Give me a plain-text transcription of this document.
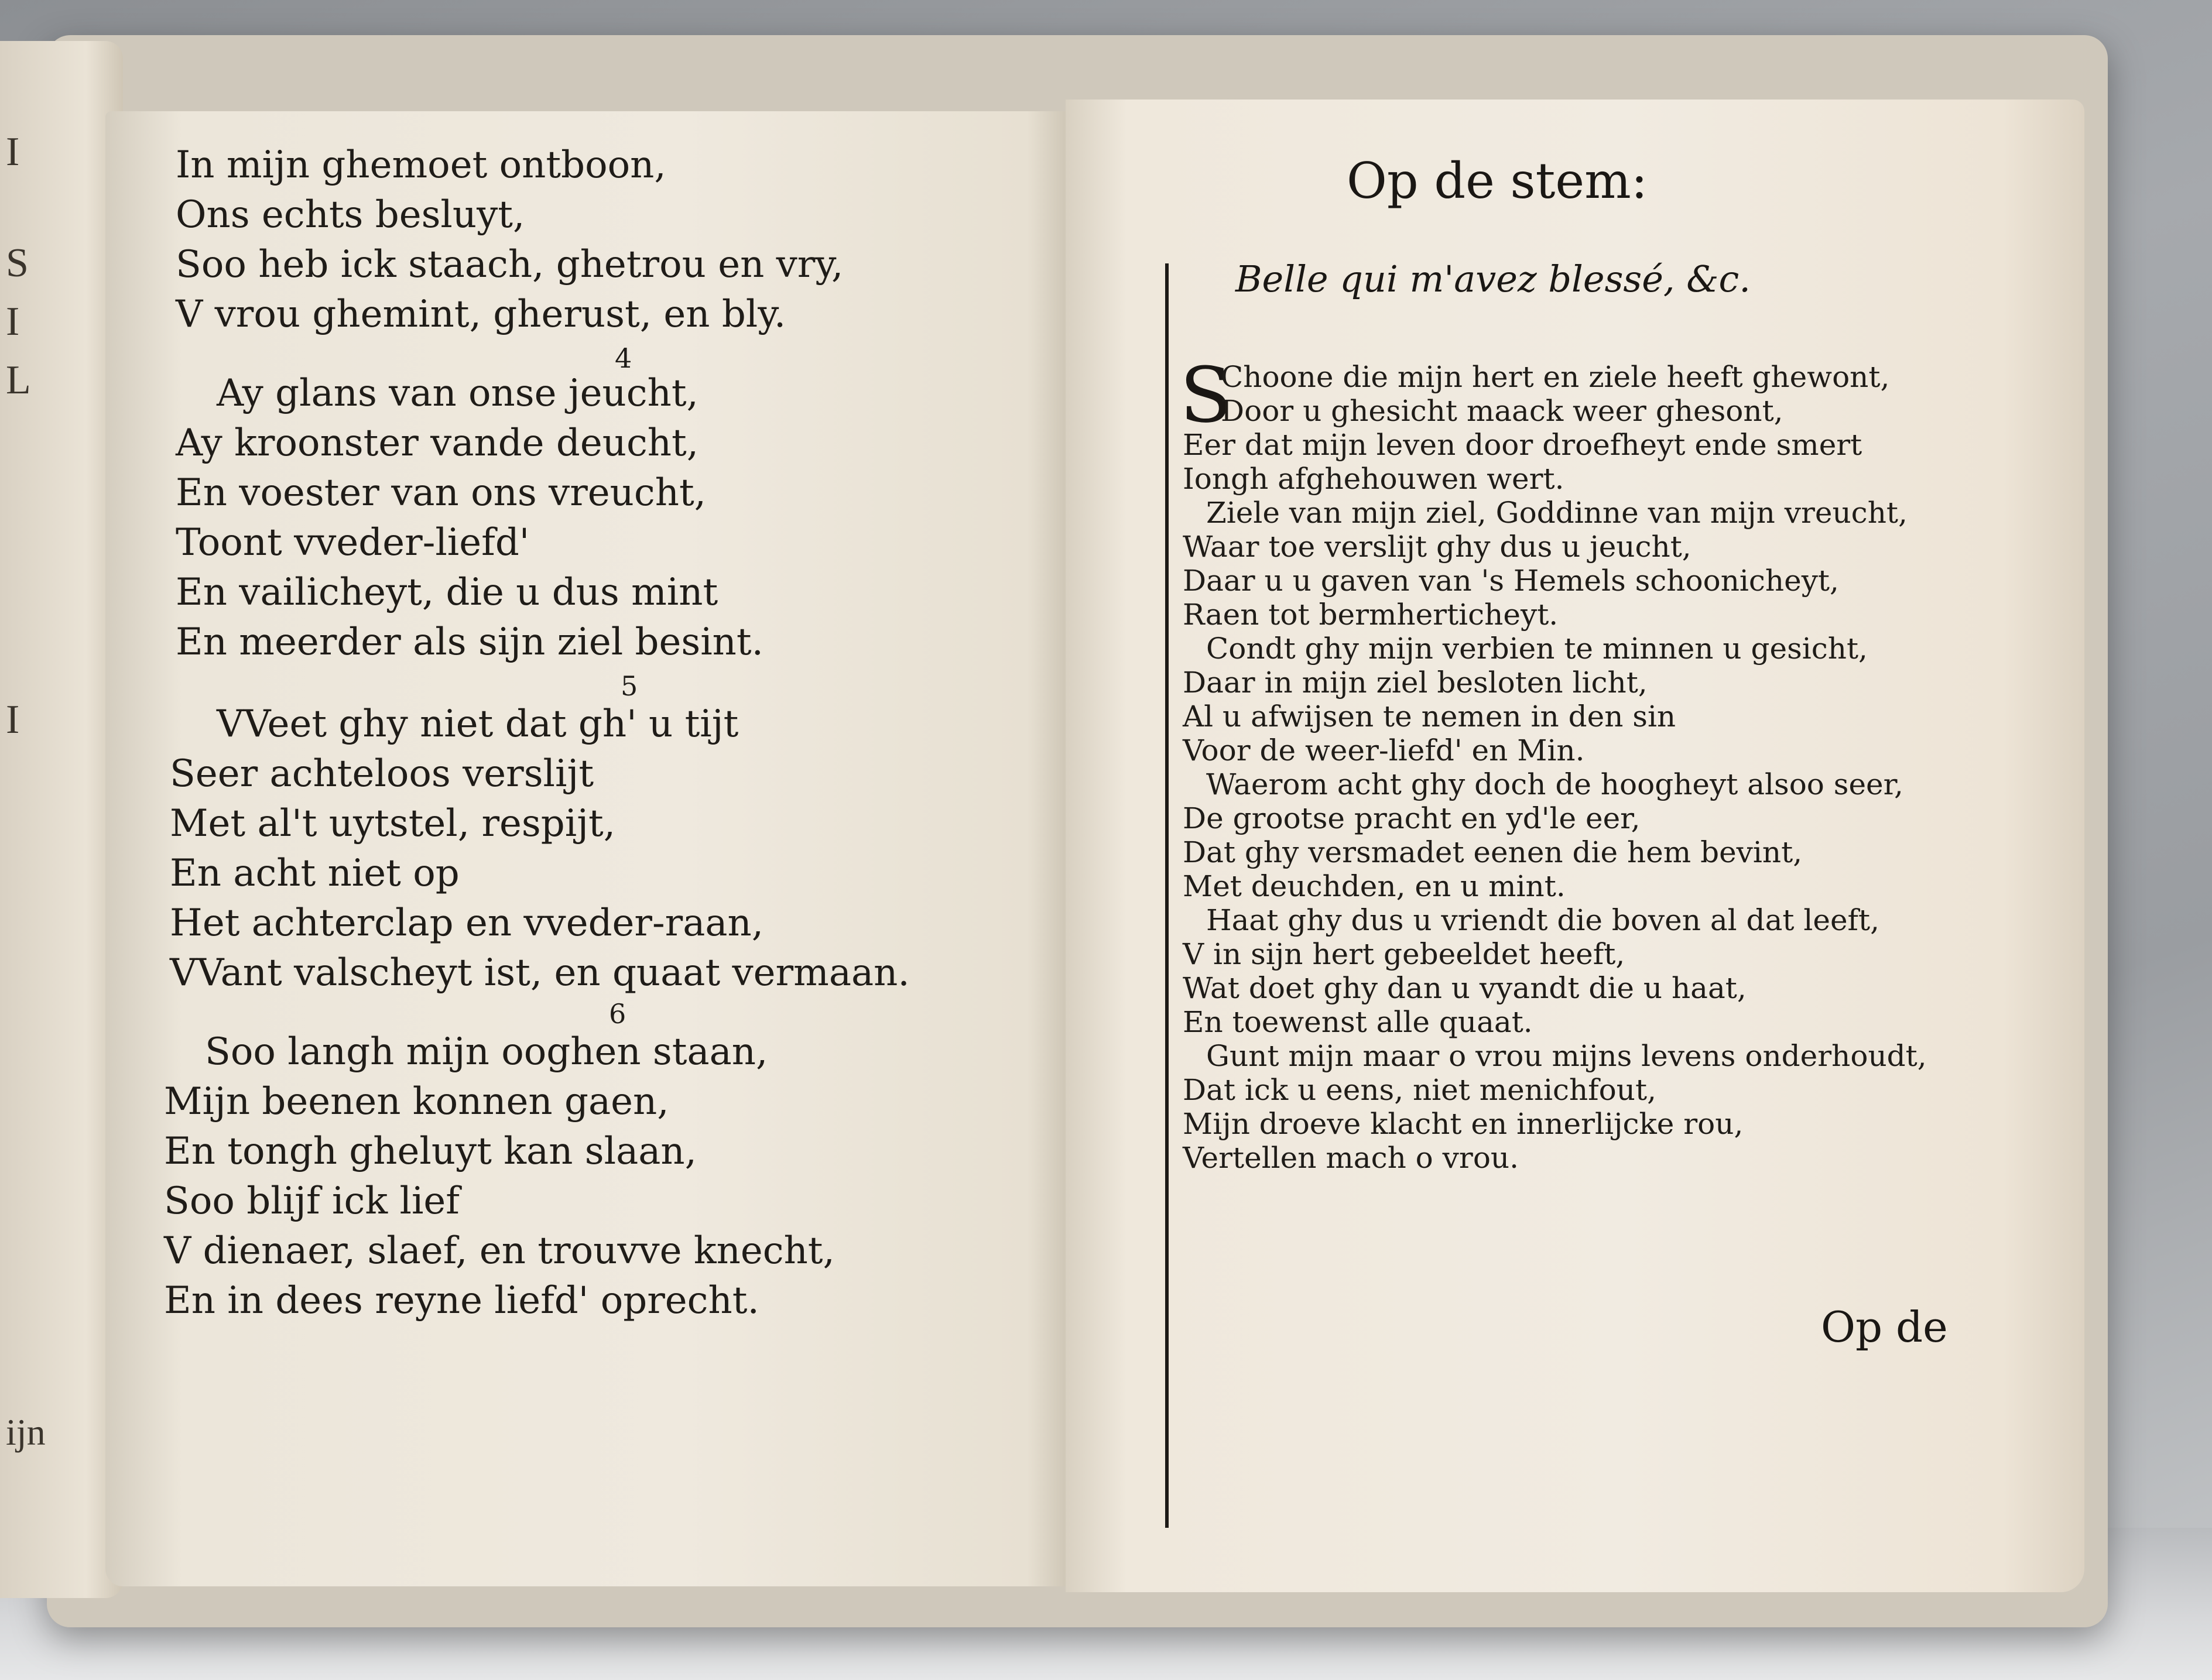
I
S
I
L
I
ijn
In mijn ghemoet ontboon,
Ons echts besluyt,
Soo heb ick staach, ghetrou en vry,
V vrou ghemint, gherust, en bly.
4
Ay glans van onse jeucht,
Ay kroonster vande deucht,
En voester van ons vreucht,
Toont vveder-liefd'
En vailicheyt, die u dus mint
En meerder als sijn ziel besint.
5
VVeet ghy niet dat gh' u tijt
Seer achteloos verslijt
Met al't uytstel, respijt,
En acht niet op
Het achterclap en vveder-raan,
VVant valscheyt ist, en quaat vermaan.
6
Soo langh mijn ooghen staan,
Mijn beenen konnen gaen,
En tongh gheluyt kan slaan,
Soo blijf ick lief
V dienaer, slaef, en trouvve knecht,
En in dees reyne liefd' oprecht.
Op de stem:
Belle qui m'avez blessé, &c.
S
Choone die mijn hert en ziele heeft ghewont,
Door u ghesicht maack weer ghesont,
Eer dat mijn leven door droefheyt ende smert
Iongh afghehouwen wert.
Ziele van mijn ziel, Goddinne van mijn vreucht,
Waar toe verslijt ghy dus u jeucht,
Daar u u gaven van 's Hemels schoonicheyt,
Raen tot bermherticheyt.
Condt ghy mijn verbien te minnen u gesicht,
Daar in mijn ziel besloten licht,
Al u afwijsen te nemen in den sin
Voor de weer-liefd' en Min.
Waerom acht ghy doch de hoogheyt alsoo seer,
De grootse pracht en yd'le eer,
Dat ghy versmadet eenen die hem bevint,
Met deuchden, en u mint.
Haat ghy dus u vriendt die boven al dat leeft,
V in sijn hert gebeeldet heeft,
Wat doet ghy dan u vyandt die u haat,
En toewenst alle quaat.
Gunt mijn maar o vrou mijns levens onderhoudt,
Dat ick u eens, niet menichfout,
Mijn droeve klacht en innerlijcke rou,
Vertellen mach o vrou.
Op de
